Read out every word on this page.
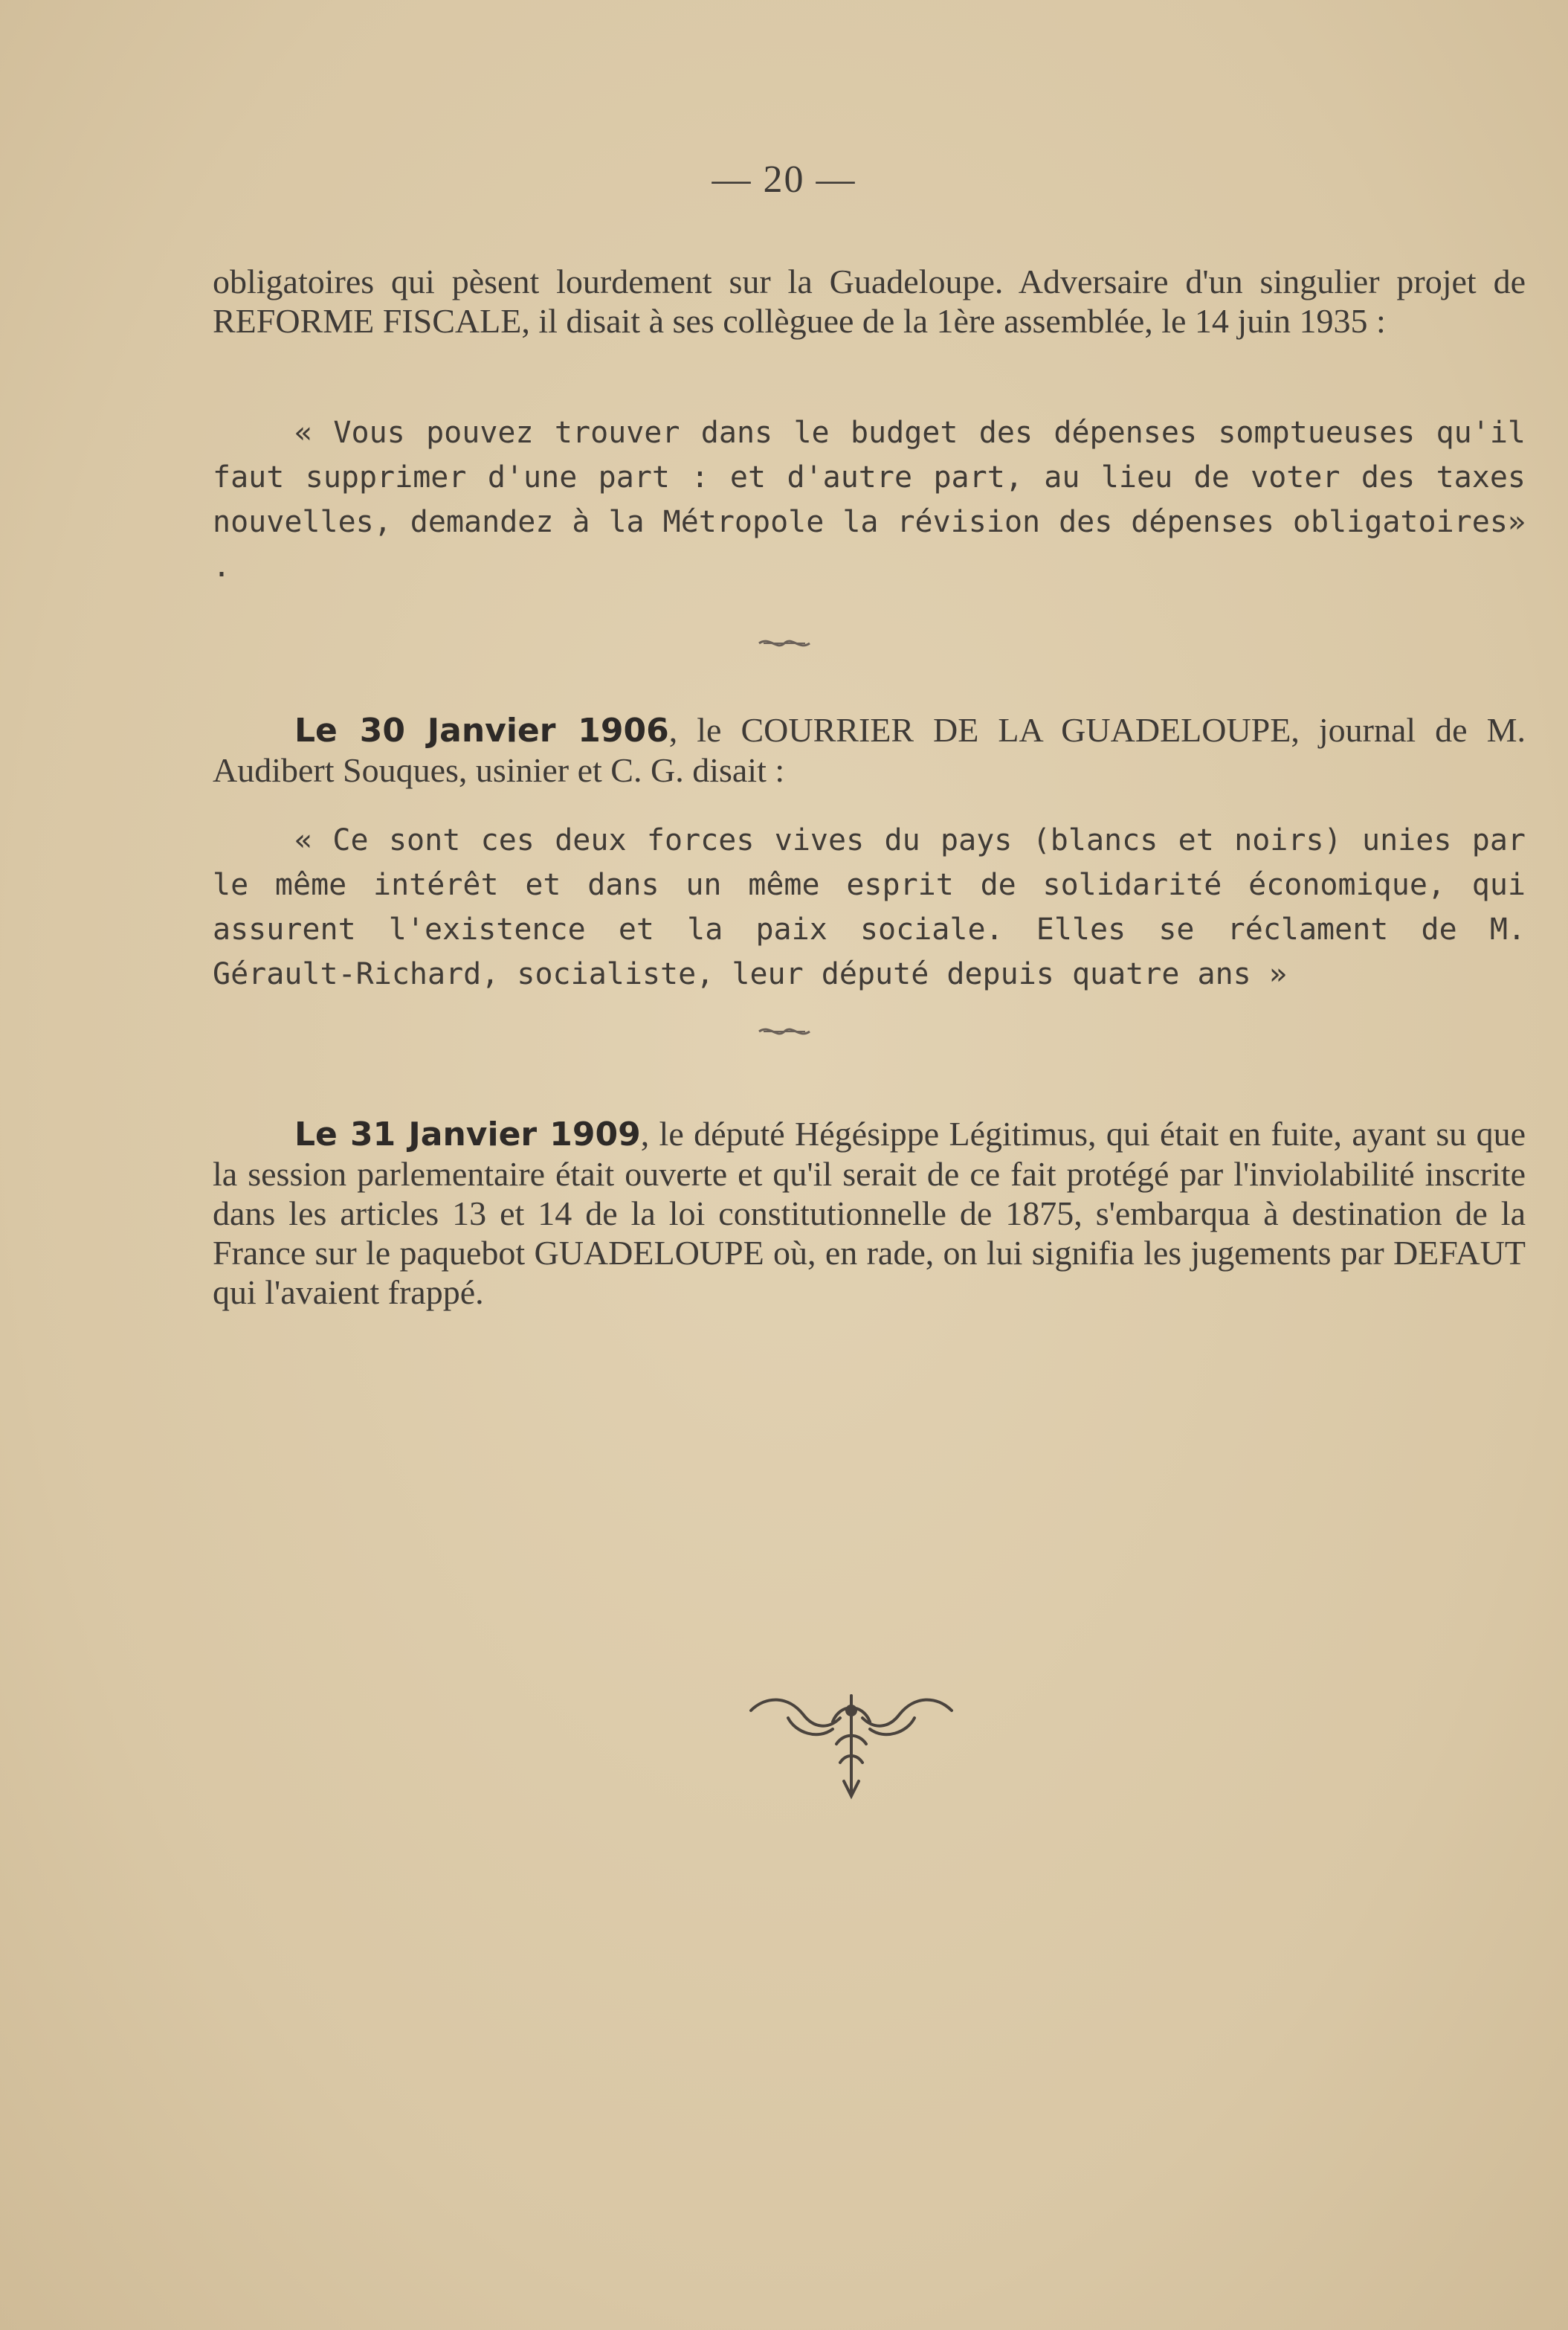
— 20 —

obligatoires qui pèsent lourdement sur la Guadeloupe. Adversaire d'un singulier projet de REFORME FISCALE, il disait à ses collèguee de la 1ère assemblée, le 14 juin 1935 :

« Vous pouvez trouver dans le budget des dépenses somptueuses qu'il faut supprimer d'une part : et d'autre part, au lieu de voter des taxes nouvelles, demandez à la Métropole la révision des dépenses obligatoires» .

Le 30 Janvier 1906, le COURRIER DE LA GUADELOUPE, journal de M. Audibert Souques, usinier et C. G. disait :

« Ce sont ces deux forces vives du pays (blancs et noirs) unies par le même intérêt et dans un même esprit de solidarité économique, qui assurent l'existence et la paix sociale. Elles se réclament de M. Gérault-Richard, socialiste, leur député depuis quatre ans »

Le 31 Janvier 1909, le député Hégésippe Légitimus, qui était en fuite, ayant su que la session parlementaire était ouverte et qu'il serait de ce fait protégé par l'inviolabilité inscrite dans les articles 13 et 14 de la loi constitutionnelle de 1875, s'embarqua à destination de la France sur le paquebot GUADELOUPE où, en rade, on lui signifia les jugements par DEFAUT qui l'avaient frappé.
